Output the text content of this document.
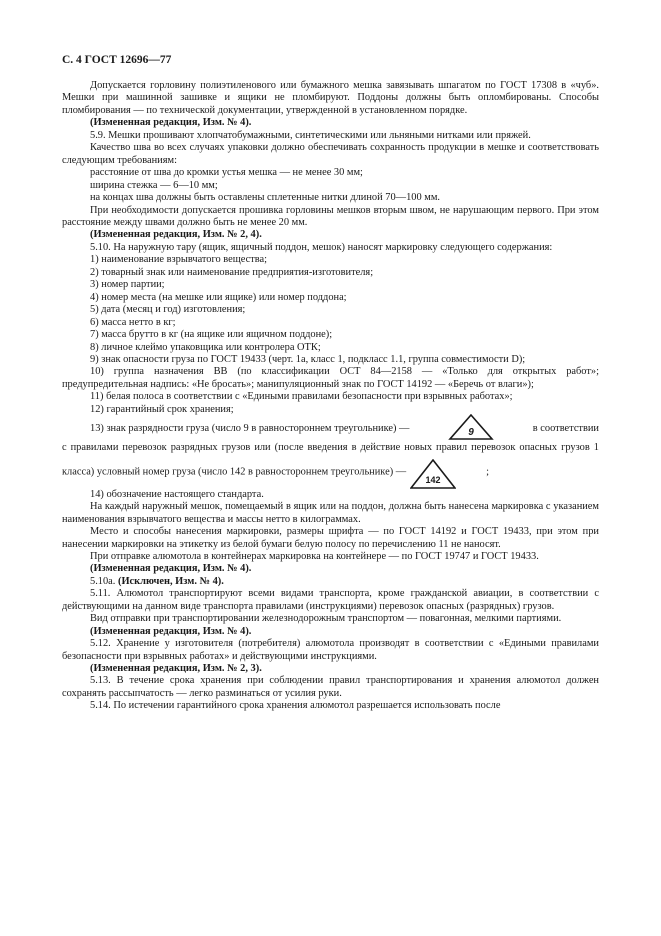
С. 4 ГОСТ 12696—77

Допускается горловину полиэтиленового или бумажного мешка завязывать шпагатом по ГОСТ 17308 в «чуб». Мешки при машинной зашивке и ящики не пломбируют. Поддоны должны быть опломбированы. Способы пломбирования — по технической документации, утвержденной в установленном порядке.

(Измененная редакция, Изм. № 4).

5.9. Мешки прошивают хлопчатобумажными, синтетическими или льняными нитками или пряжей.

Качество шва во всех случаях упаковки должно обеспечивать сохранность продукции в мешке и соответствовать следующим требованиям:

расстояние от шва до кромки устья мешка — не менее 30 мм;

ширина стежка — 6—10 мм;

на концах шва должны быть оставлены сплетенные нитки длиной 70—100 мм.

При необходимости допускается прошивка горловины мешков вторым швом, не нарушающим первого. При этом расстояние между швами должно быть не менее 20 мм.

(Измененная редакция, Изм. № 2, 4).

5.10. На наружную тару (ящик, ящичный поддон, мешок) наносят маркировку следующего содержания:

1) наименование взрывчатого вещества;

2) товарный знак или наименование предприятия-изготовителя;

3) номер партии;

4) номер места (на мешке или ящике) или номер поддона;

5) дата (месяц и год) изготовления;

6) масса нетто в кг;

7) масса брутто в кг (на ящике или ящичном поддоне);

8) личное клеймо упаковщика или контролера ОТК;

9) знак опасности груза по ГОСТ 19433 (черт. 1а, класс 1, подкласс 1.1, группа совместимости D);

10) группа назначения ВВ (по классификации ОСТ 84—2158 — «Только для открытых работ»; предупредительная надпись: «Не бросать»; манипуляционный знак по ГОСТ 14192 — «Беречь от влаги»);

11) белая полоса в соответствии с «Едиными правилами безопасности при взрывных работах»;

12) гарантийный срок хранения;

13) знак разрядности груза (число 9 в равностороннем треугольнике) —	9	в соответствии

с правилами перевозок разрядных грузов или (после введения в действие новых правил перевозок опасных грузов 1 класса) условный номер груза (число 142 в равностороннем треугольнике) —
142
;

14) обозначение настоящего стандарта.

На каждый наружный мешок, помещаемый в ящик или на поддон, должна быть нанесена маркировка с указанием наименования взрывчатого вещества и массы нетто в килограммах.

Место и способы нанесения маркировки, размеры шрифта — по ГОСТ 14192 и ГОСТ 19433, при этом при нанесении маркировки на этикетку из белой бумаги белую полосу по перечислению 11 не наносят.

При отправке алюмотола в контейнерах маркировка на контейнере — по ГОСТ 19747 и ГОСТ 19433.

(Измененная редакция, Изм. № 4).

5.10а. (Исключен, Изм. № 4).

5.11. Алюмотол транспортируют всеми видами транспорта, кроме гражданской авиации, в соответствии с действующими на данном виде транспорта правилами (инструкциями) перевозок опасных (разрядных) грузов.

Вид отправки при транспортировании железнодорожным транспортом — повагонная, мелкими партиями.

(Измененная редакция, Изм. № 4).

5.12. Хранение у изготовителя (потребителя) алюмотола производят в соответствии с «Едиными правилами безопасности при взрывных работах» и действующими инструкциями.

(Измененная редакция, Изм. № 2, 3).

5.13. В течение срока хранения при соблюдении правил транспортирования и хранения алюмотол должен сохранять рассыпчатость — легко разминаться от усилия руки.

5.14. По истечении гарантийного срока хранения алюмотол разрешается использовать после
